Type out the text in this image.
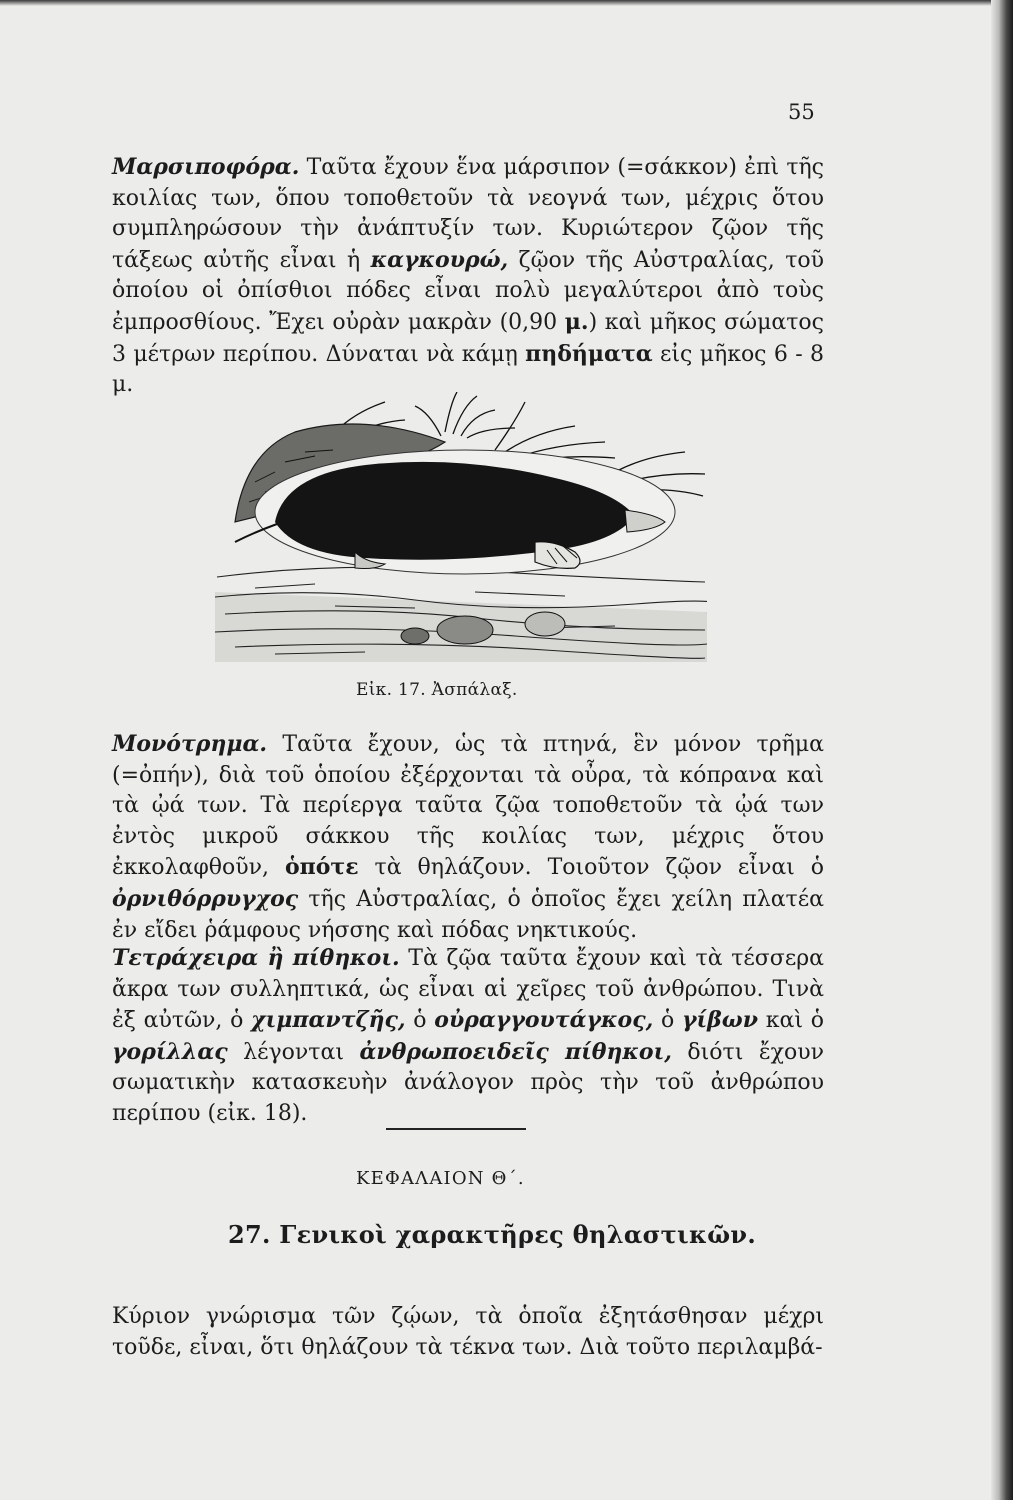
55

Μαρσιποφόρα. Ταῦτα ἔχουν ἕνα μάρσιπον (=σάκκον) ἐπὶ τῆς κοιλίας των, ὅπου τοποθετοῦν τὰ νεογνά των, μέχρις ὅτου συμπληρώσουν τὴν ἀνάπτυξίν των. Κυριώτερον ζῷον τῆς τάξεως αὐτῆς εἶναι ἡ καγκουρώ, ζῷον τῆς Αὐστραλίας, τοῦ ὁποίου οἱ ὀπίσθιοι πόδες εἶναι πολὺ μεγαλύτεροι ἀπὸ τοὺς ἐμπροσθίους. Ἔχει οὐρὰν μακρὰν (0,90 μ.) καὶ μῆκος σώματος 3 μέτρων περίπου. Δύναται νὰ κάμῃ πηδήματα εἰς μῆκος 6 - 8 μ.

Εἰκ. 17. Ἀσπάλαξ.

Μονότρημα. Ταῦτα ἔχουν, ὡς τὰ πτηνά, ἓν μόνον τρῆμα (=ὀπήν), διὰ τοῦ ὁποίου ἐξέρχονται τὰ οὖρα, τὰ κόπρανα καὶ τὰ ᾠά των. Τὰ περίεργα ταῦτα ζῷα τοποθετοῦν τὰ ᾠά των ἐντὸς μικροῦ σάκκου τῆς κοιλίας των, μέχρις ὅτου ἐκκολαφθοῦν, ὁπότε τὰ θηλάζουν. Τοιοῦτον ζῷον εἶναι ὁ ὀρνιθόρρυγχος τῆς Αὐστραλίας, ὁ ὁποῖος ἔχει χείλη πλατέα ἐν εἴδει ῥάμφους νήσσης καὶ πόδας νηκτικούς.

Τετράχειρα ἢ πίθηκοι. Τὰ ζῷα ταῦτα ἔχουν καὶ τὰ τέσσερα ἄκρα των συλληπτικά, ὡς εἶναι αἱ χεῖρες τοῦ ἀνθρώπου. Τινὰ ἐξ αὐτῶν, ὁ χιμπαντζῆς, ὁ οὐραγγουτάγκος, ὁ γίβων καὶ ὁ γορίλλας λέγονται ἀνθρωποειδεῖς πίθηκοι, διότι ἔχουν σωματικὴν κατασκευὴν ἀνάλογον πρὸς τὴν τοῦ ἀνθρώπου περίπου (εἰκ. 18).

ΚΕΦΑΛΑΙΟΝ Θ΄.
27. Γενικοὶ χαρακτῆρες θηλαστικῶν.

Κύριον γνώρισμα τῶν ζῴων, τὰ ὁποῖα ἐξητάσθησαν μέχρι τοῦδε, εἶναι, ὅτι θηλάζουν τὰ τέκνα των. Διὰ τοῦτο περιλαμβά-
